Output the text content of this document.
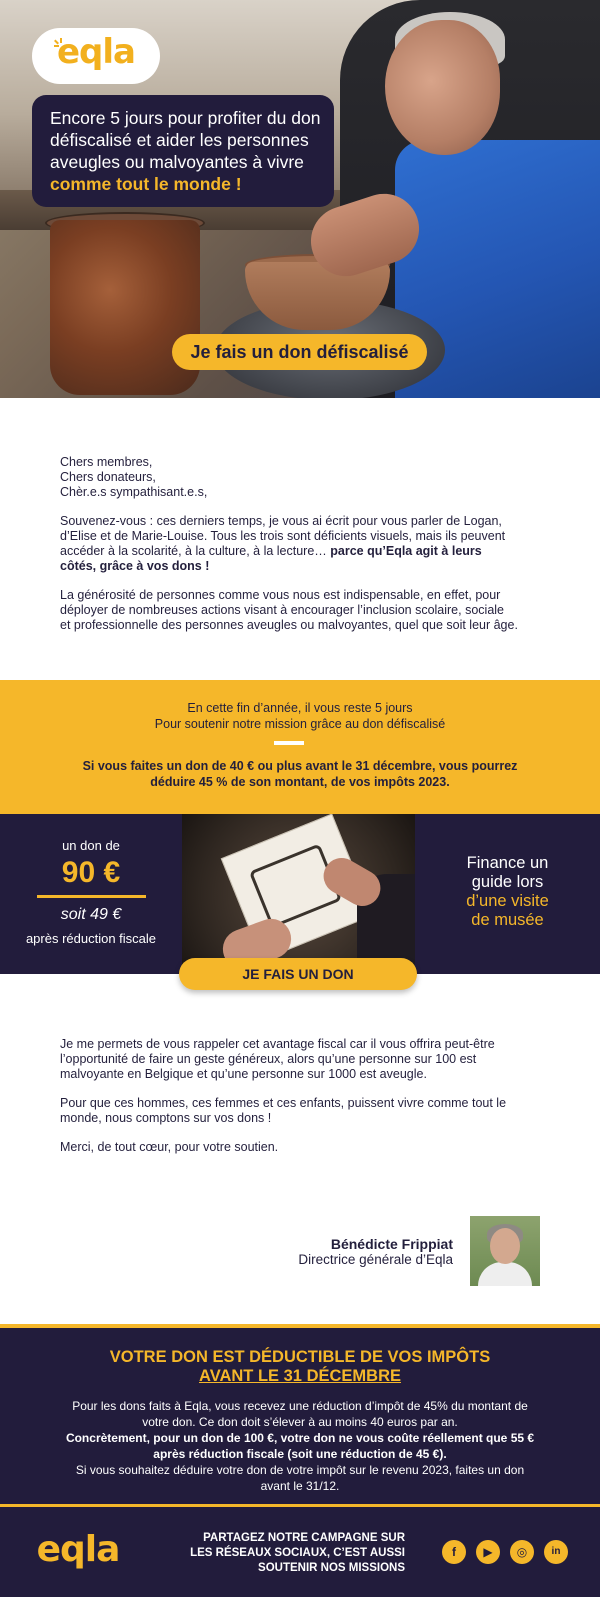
eqla
Encore 5 jours pour profiter du don
défiscalisé et aider les personnes
aveugles ou malvoyantes à vivre
comme tout le monde !
Je fais un don défiscalisé

Chers membres,
Chers donateurs,
Chèr.e.s sympathisant.e.s,

Souvenez-vous : ces derniers temps, je vous ai écrit pour vous parler de Logan,
d’Elise et de Marie-Louise. Tous les trois sont déficients visuels, mais ils peuvent
accéder à la scolarité, à la culture, à la lecture… parce qu’Eqla agit à leurs
côtés, grâce à vos dons !

La générosité de personnes comme vous nous est indispensable, en effet, pour
déployer de nombreuses actions visant à encourager l’inclusion scolaire, sociale
et professionnelle des personnes aveugles ou malvoyantes, quel que soit leur âge.

En cette fin d’année, il vous reste 5 jours
Pour soutenir notre mission grâce au don défiscalisé
Si vous faites un don de 40 € ou plus avant le 31 décembre, vous pourrez
déduire 45 % de son montant, de vos impôts 2023.
un don de
90 €
soit 49 €
après réduction fiscale
Finance un
guide lors
d’une visite
de musée
JE FAIS UN DON

Je me permets de vous rappeler cet avantage fiscal car il vous offrira peut-être
l’opportunité de faire un geste généreux, alors qu’une personne sur 100 est
malvoyante en Belgique et qu’une personne sur 1000 est aveugle.

Pour que ces hommes, ces femmes et ces enfants, puissent vivre comme tout le
monde, nous comptons sur vos dons !

Merci, de tout cœur, pour votre soutien.

Bénédicte Frippiat
Directrice générale d’Eqla
VOTRE DON EST DÉDUCTIBLE DE VOS IMPÔTS
AVANT LE 31 DÉCEMBRE
Pour les dons faits à Eqla, vous recevez une réduction d’impôt de 45% du montant de
votre don. Ce don doit s’élever à au moins 40 euros par an.
Concrètement, pour un don de 100 €, votre don ne vous coûte réellement que 55 €
après réduction fiscale (soit une réduction de 45 €).
Si vous souhaitez déduire votre don de votre impôt sur le revenu 2023, faites un don
avant le 31/12.
eqla	PARTAGEZ NOTRE CAMPAGNE SUR
LES RÉSEAUX SOCIAUX, C’EST AUSSI
SOUTENIR NOS MISSIONS
f	▶	◎	in
